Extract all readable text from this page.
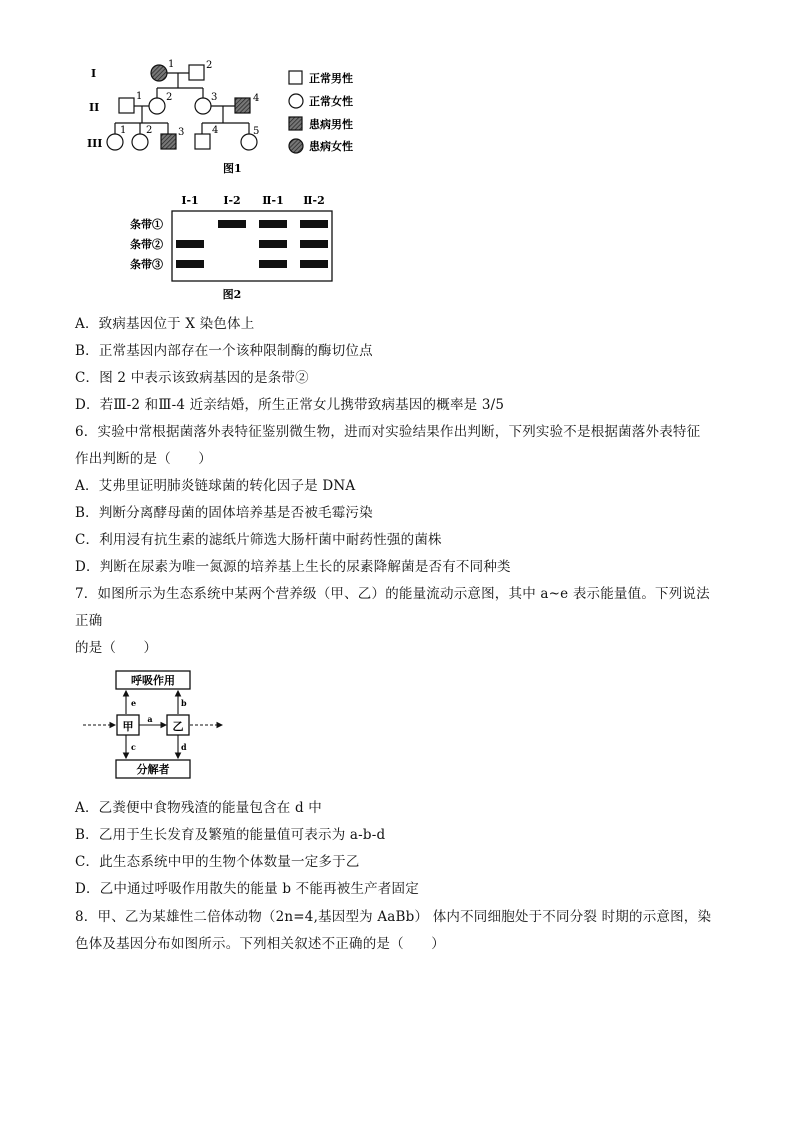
I
II
III
1	2
1 2	3	4
1 2	3	4	5
正常男性
正常女性
患病男性
患病女性
图1
Ⅰ-1 Ⅰ-2 Ⅱ-1 Ⅱ-2
条带①
条带②
条带③
图2
A．致病基因位于 X 染色体上
B．正常基因内部存在一个该种限制酶的酶切位点
C．图 2 中表示该致病基因的是条带②
D．若Ⅲ-2 和Ⅲ-4 近亲结婚，所生正常女儿携带致病基因的概率是 3/5
6．实验中常根据菌落外表特征鉴别微生物，进而对实验结果作出判断，下列实验不是根据菌落外表特征
作出判断的是（　　）
A．艾弗里证明肺炎链球菌的转化因子是 DNA
B．判断分离酵母菌的固体培养基是否被毛霉污染
C．利用浸有抗生素的滤纸片筛选大肠杆菌中耐药性强的菌株
D．判断在尿素为唯一氮源的培养基上生长的尿素降解菌是否有不同种类
7．如图所示为生态系统中某两个营养级（甲、乙）的能量流动示意图，其中 a~e 表示能量值。下列说法
正确
的是（　　）
呼吸作用
甲	乙
分解者
a
e	b
c	d
A．乙粪便中食物残渣的能量包含在 d 中
B．乙用于生长发育及繁殖的能量值可表示为 a-b-d
C．此生态系统中甲的生物个体数量一定多于乙
D．乙中通过呼吸作用散失的能量 b 不能再被生产者固定
8．甲、乙为某雄性二倍体动物（2n=4,基因型为 AaBb） 体内不同细胞处于不同分裂 时期的示意图，染
色体及基因分布如图所示。下列相关叙述不正确的是（　　）
